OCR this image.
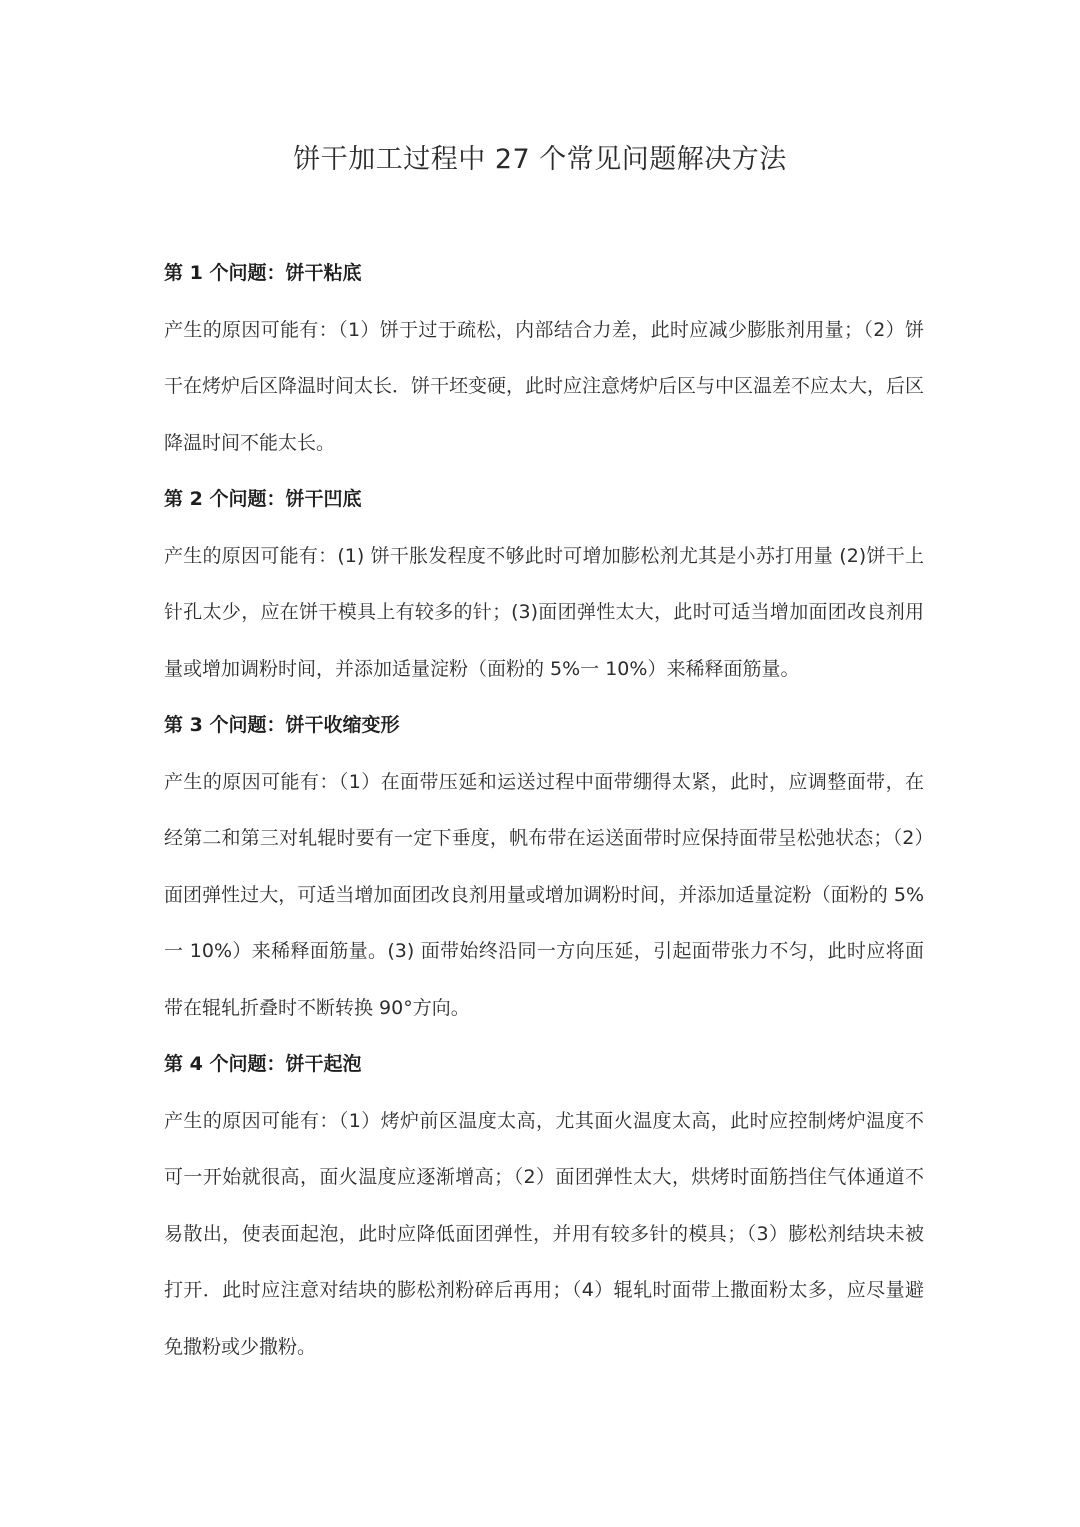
饼干加工过程中 27 个常见问题解决方法

第 1 个问题：饼干粘底

产生的原因可能有：（1）饼于过于疏松，内部结合力差，此时应减少膨胀剂用量；（2）饼干在烤炉后区降温时间太长．饼干坯变硬，此时应注意烤炉后区与中区温差不应太大，后区降温时间不能太长。

第 2 个问题：饼干凹底

产生的原因可能有：(1) 饼干胀发程度不够此时可增加膨松剂尤其是小苏打用量 (2)饼干上针孔太少，应在饼干模具上有较多的针；(3)面团弹性太大，此时可适当增加面团改良剂用量或增加调粉时间，并添加适量淀粉（面粉的 5%一 10%）来稀释面筋量。

第 3 个问题：饼干收缩变形

产生的原因可能有：（1）在面带压延和运送过程中面带绷得太紧，此时，应调整面带，在经第二和第三对轧辊时要有一定下垂度，帆布带在运送面带时应保持面带呈松弛状态；（2）面团弹性过大，可适当增加面团改良剂用量或增加调粉时间，并添加适量淀粉（面粉的 5%一 10%）来稀释面筋量。(3) 面带始终沿同一方向压延，引起面带张力不匀，此时应将面带在辊轧折叠时不断转换 90°方向。

第 4 个问题：饼干起泡

产生的原因可能有：（1）烤炉前区温度太高，尤其面火温度太高，此时应控制烤炉温度不可一开始就很高，面火温度应逐渐增高；（2）面团弹性太大，烘烤时面筋挡住气体通道不易散出，使表面起泡，此时应降低面团弹性，并用有较多针的模具；（3）膨松剂结块未被打开．此时应注意对结块的膨松剂粉碎后再用；（4）辊轧时面带上撒面粉太多，应尽量避免撒粉或少撒粉。
